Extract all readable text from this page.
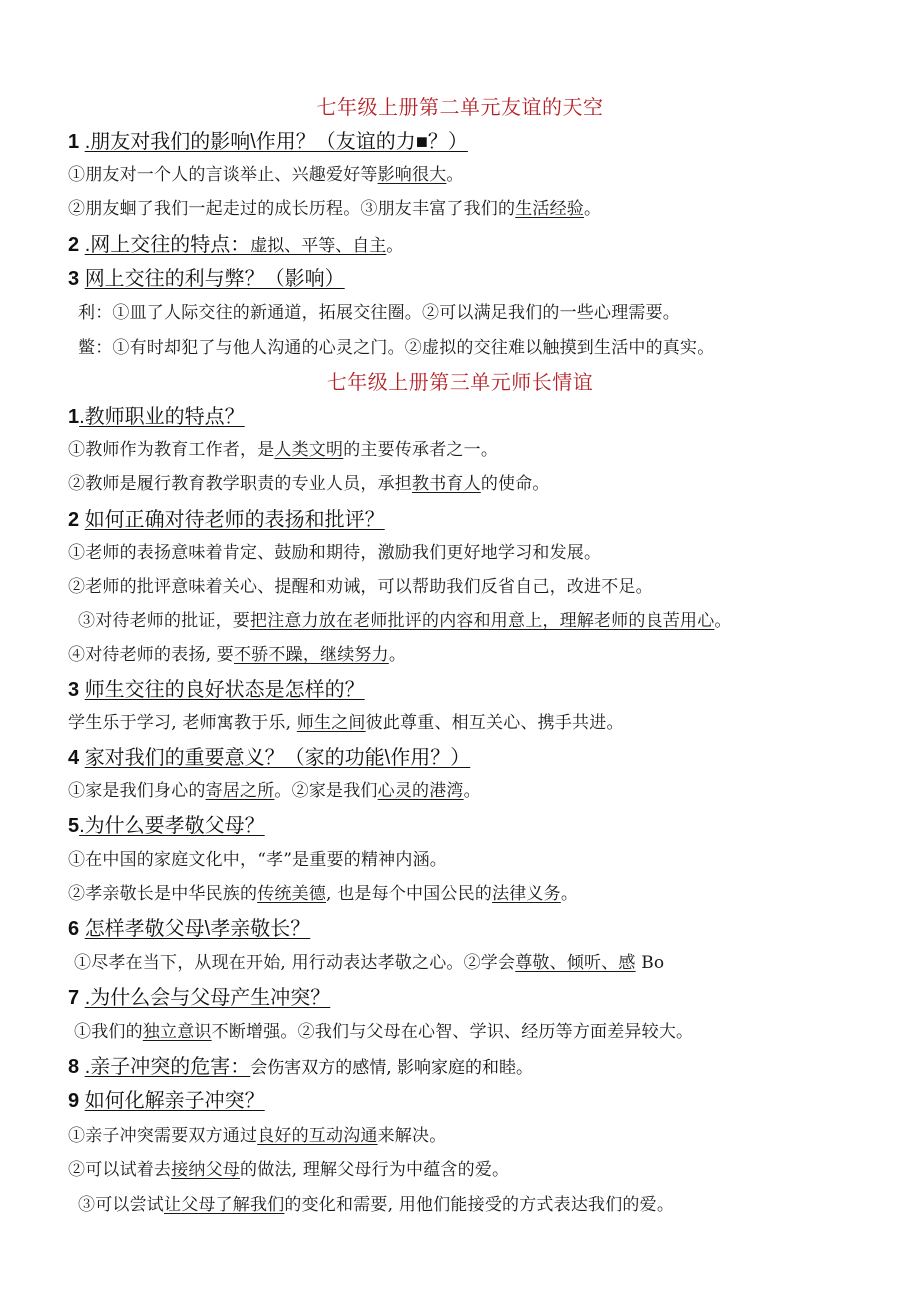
七年级上册第二单元友谊的天空
1 .朋友对我们的影响\作用？（友谊的力■？）
①朋友对一个人的言谈举止、兴趣爱好等影响很大。
②朋友蛔了我们一起走过的成长历程。③朋友丰富了我们的生活经验。
2 .网上交往的特点：虚拟、平等、自主。
3 网上交往的利与弊？（影响）
利：①皿了人际交往的新通道，拓展交往圈。②可以满足我们的一些心理需要。
鳖：①有时却犯了与他人沟通的心灵之门。②虚拟的交往难以触摸到生活中的真实。
七年级上册第三单元师长情谊
1.教师职业的特点？
①教师作为教育工作者，是人类文明的主要传承者之一。
②教师是履行教育教学职责的专业人员，承担教书育人的使命。
2 如何正确对待老师的表扬和批评？
①老师的表扬意味着肯定、鼓励和期待，激励我们更好地学习和发展。
②老师的批评意味着关心、提醒和劝诫，可以帮助我们反省自己，改进不足。
③对待老师的批证，要把注意力放在老师批评的内容和用意上，理解老师的良苦用心。
④对待老师的表扬, 要不骄不躁，继续努力。
3 师生交往的良好状态是怎样的？
学生乐于学习, 老师寓教于乐, 师生之间彼此尊重、相互关心、携手共进。
4 家对我们的重要意义？（家的功能\作用？）
①家是我们身心的寄居之所。②家是我们心灵的港湾。
5.为什么要孝敬父母？
①在中国的家庭文化中，“孝”是重要的精神内涵。
②孝亲敬长是中华民族的传统美德, 也是每个中国公民的法律义务。
6 怎样孝敬父母\孝亲敬长？
①尽孝在当下，从现在开始, 用行动表达孝敬之心。②学会尊敬、倾听、感 Bo
7 .为什么会与父母产生冲突？
①我们的独立意识不断增强。②我们与父母在心智、学识、经历等方面差异较大。
8 .亲子冲突的危害：会伤害双方的感情, 影响家庭的和睦。
9 如何化解亲子冲突？
①亲子冲突需要双方通过良好的互动沟通来解决。
②可以试着去接纳父母的做法, 理解父母行为中蕴含的爱。
③可以尝试让父母了解我们的变化和需要, 用他们能接受的方式表达我们的爱。
